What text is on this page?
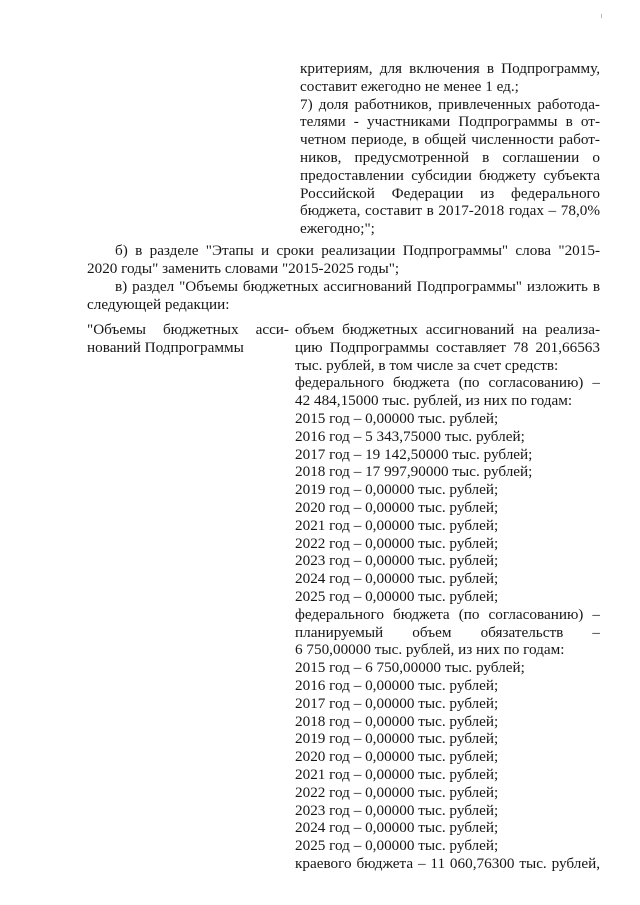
критериям, для включения в Подпрограмму,
составит ежегодно не менее 1 ед.;
7) доля работников, привлеченных работода-
телями - участниками Подпрограммы в от-
четном периоде, в общей численности работ-
ников, предусмотренной в соглашении о
предоставлении субсидии бюджету субъекта
Российской Федерации из федерального
бюджета, составит в 2017-2018 годах – 78,0%
ежегодно;";
б) в разделе "Этапы и сроки реализации Подпрограммы" слова "2015-
2020 годы" заменить словами "2015-2025 годы";
в) раздел "Объемы бюджетных ассигнований Подпрограммы" изложить в
следующей редакции:
"Объемы бюджетных асси-
нований Подпрограммы
объем бюджетных ассигнований на реализа-
цию Подпрограммы составляет 78 201,66563
тыс. рублей, в том числе за счет средств:
федерального бюджета (по согласованию) –
42 484,15000 тыс. рублей, из них по годам:
2015 год – 0,00000 тыс. рублей;
2016 год – 5 343,75000 тыс. рублей;
2017 год – 19 142,50000 тыс. рублей;
2018 год – 17 997,90000 тыс. рублей;
2019 год – 0,00000 тыс. рублей;
2020 год – 0,00000 тыс. рублей;
2021 год – 0,00000 тыс. рублей;
2022 год – 0,00000 тыс. рублей;
2023 год – 0,00000 тыс. рублей;
2024 год – 0,00000 тыс. рублей;
2025 год – 0,00000 тыс. рублей;
федерального бюджета (по согласованию) –
планируемый объем обязательств –
6 750,00000 тыс. рублей, из них по годам:
2015 год – 6 750,00000 тыс. рублей;
2016 год – 0,00000 тыс. рублей;
2017 год – 0,00000 тыс. рублей;
2018 год – 0,00000 тыс. рублей;
2019 год – 0,00000 тыс. рублей;
2020 год – 0,00000 тыс. рублей;
2021 год – 0,00000 тыс. рублей;
2022 год – 0,00000 тыс. рублей;
2023 год – 0,00000 тыс. рублей;
2024 год – 0,00000 тыс. рублей;
2025 год – 0,00000 тыс. рублей;
краевого бюджета – 11 060,76300 тыс. рублей,
